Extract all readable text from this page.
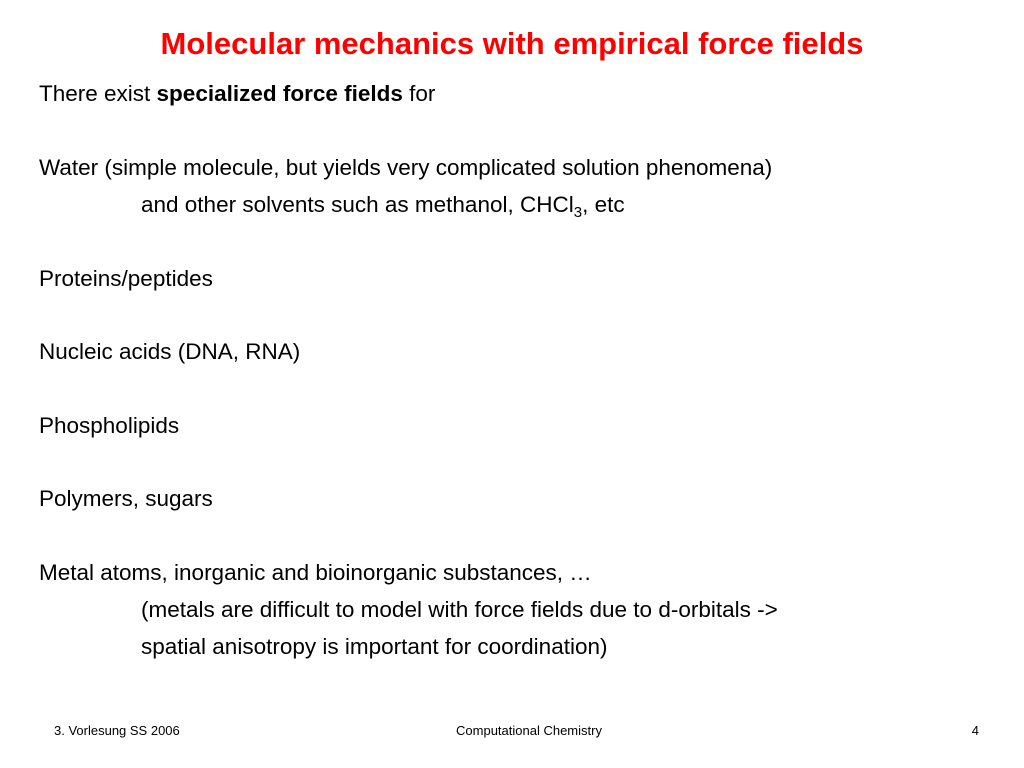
Molecular mechanics with empirical force fields
There exist specialized force fields for
Water (simple molecule, but yields very complicated solution phenomena)
and other solvents such as methanol, CHCl$_3$, etc
Proteins/peptides
Nucleic acids (DNA, RNA)
Phospholipids
Polymers, sugars
Metal atoms, inorganic and bioinorganic substances, …
(metals are difficult to model with force fields due to d-orbitals ->
spatial anisotropy is important for coordination)
3. Vorlesung SS 2006	Computational Chemistry	4
